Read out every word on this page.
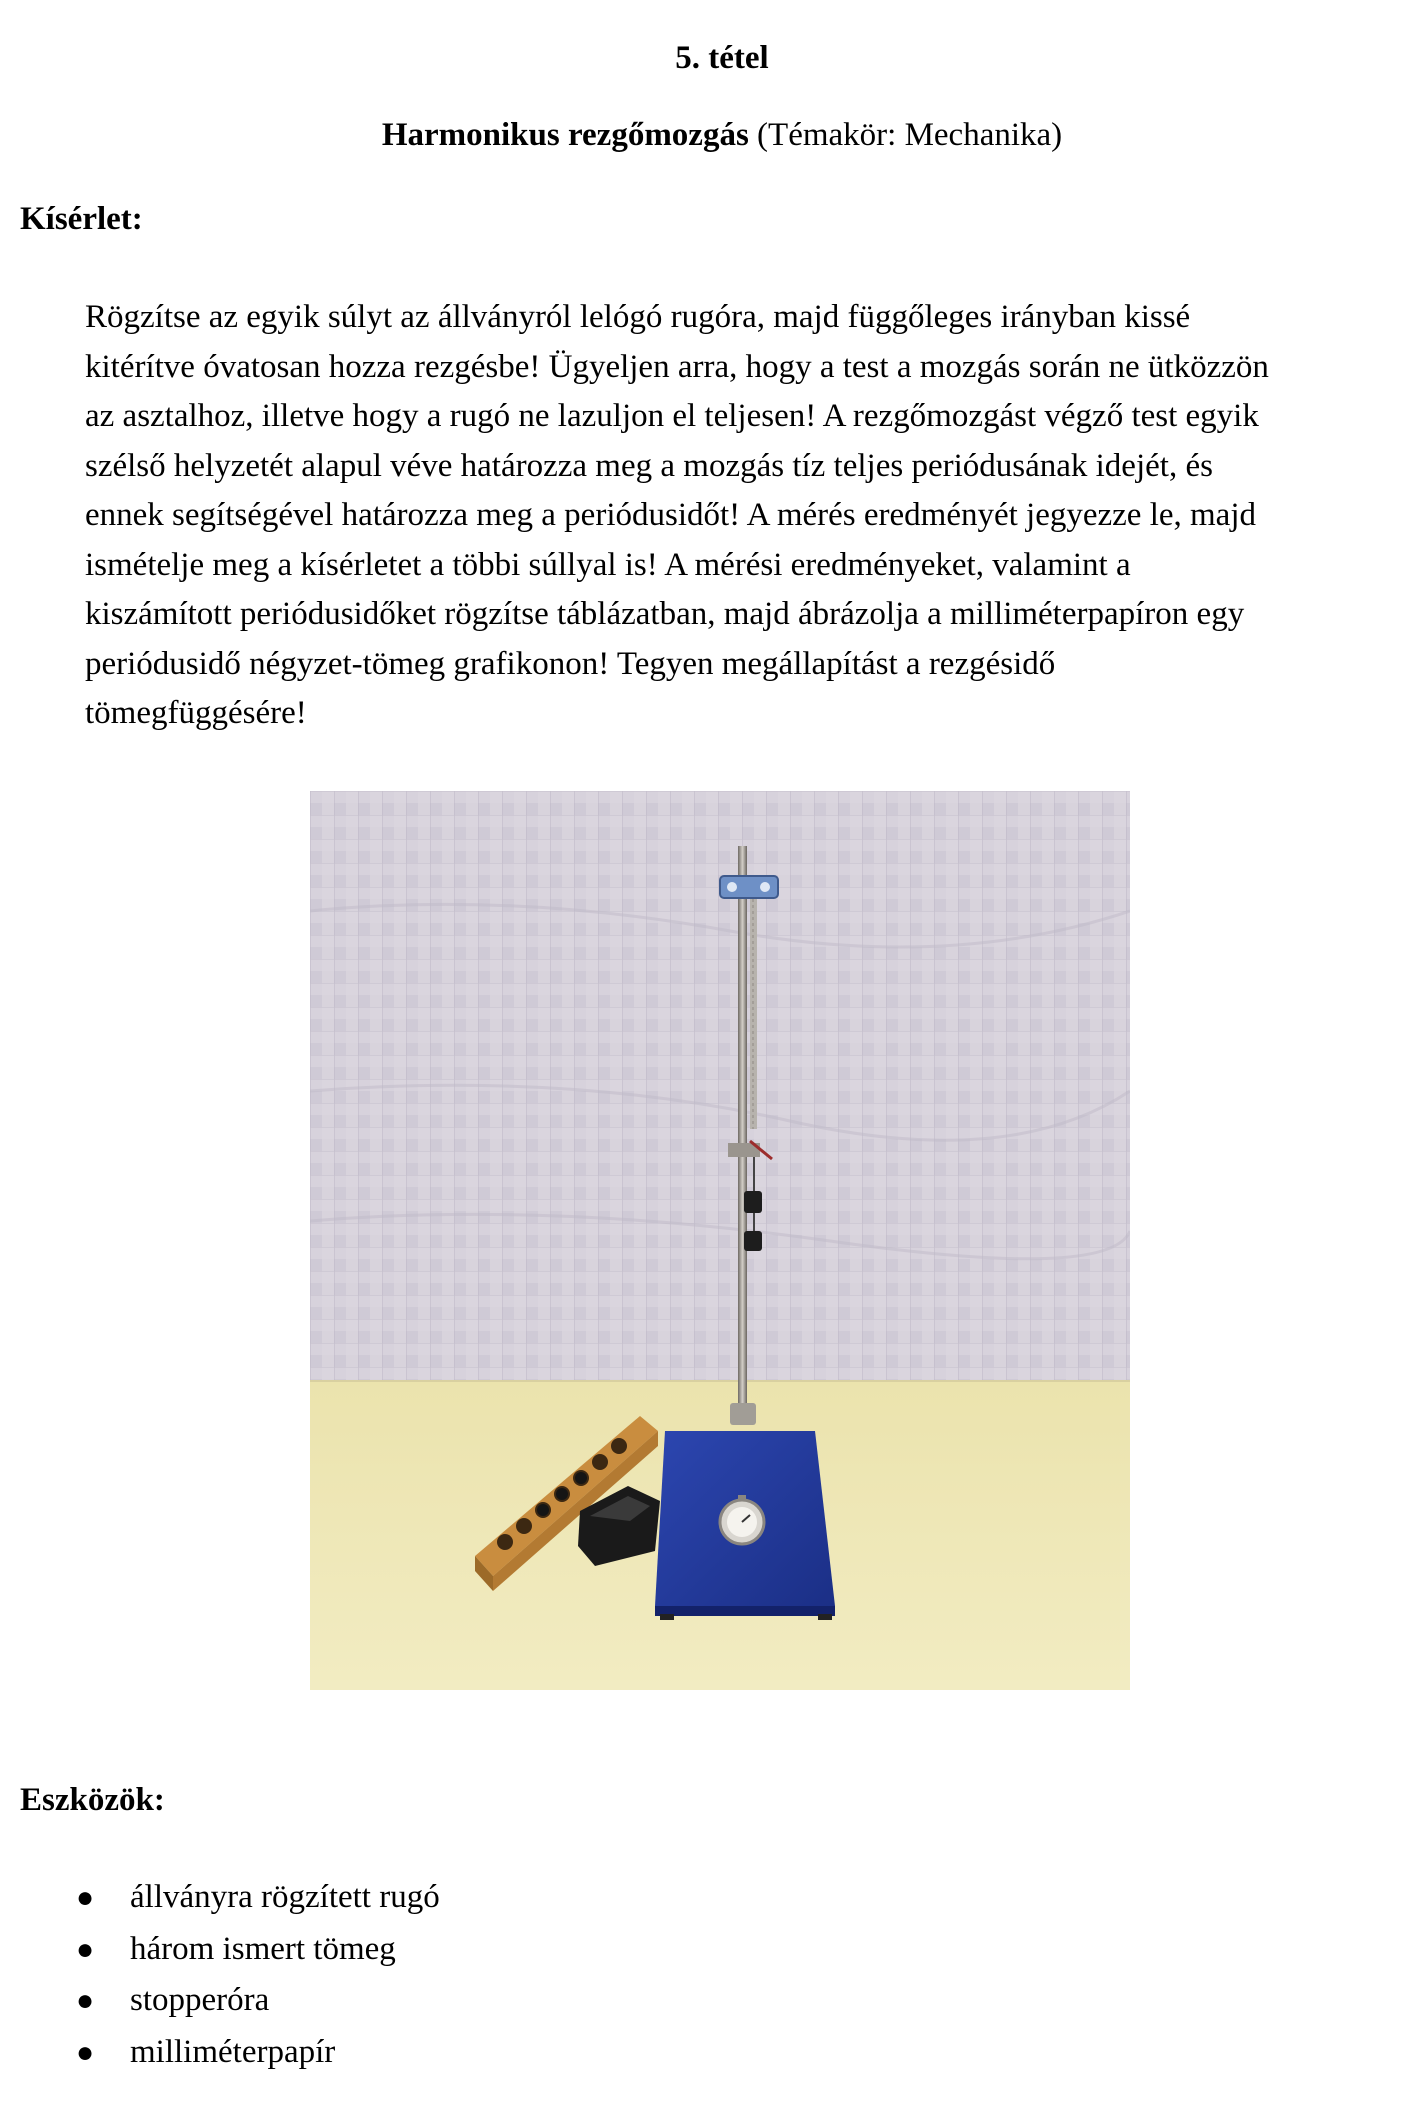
5. tétel
Harmonikus rezgőmozgás (Témakör: Mechanika)
Kísérlet:
Rögzítse az egyik súlyt az állványról lelógó rugóra, majd függőleges irányban kissé
kitérítve óvatosan hozza rezgésbe! Ügyeljen arra, hogy a test a mozgás során ne ütközzön
az asztalhoz, illetve hogy a rugó ne lazuljon el teljesen! A rezgőmozgást végző test egyik
szélső helyzetét alapul véve határozza meg a mozgás tíz teljes periódusának idejét, és
ennek segítségével határozza meg a periódusidőt! A mérés eredményét jegyezze le, majd
ismételje meg a kísérletet a többi súllyal is! A mérési eredményeket, valamint a
kiszámított periódusidőket rögzítse táblázatban, majd ábrázolja a milliméterpapíron egy
periódusidő négyzet-tömeg grafikonon! Tegyen megállapítást a rezgésidő
tömegfüggésére!
Eszközök:
● állványra rögzített rugó
● három ismert tömeg
● stopperóra
● milliméterpapír
